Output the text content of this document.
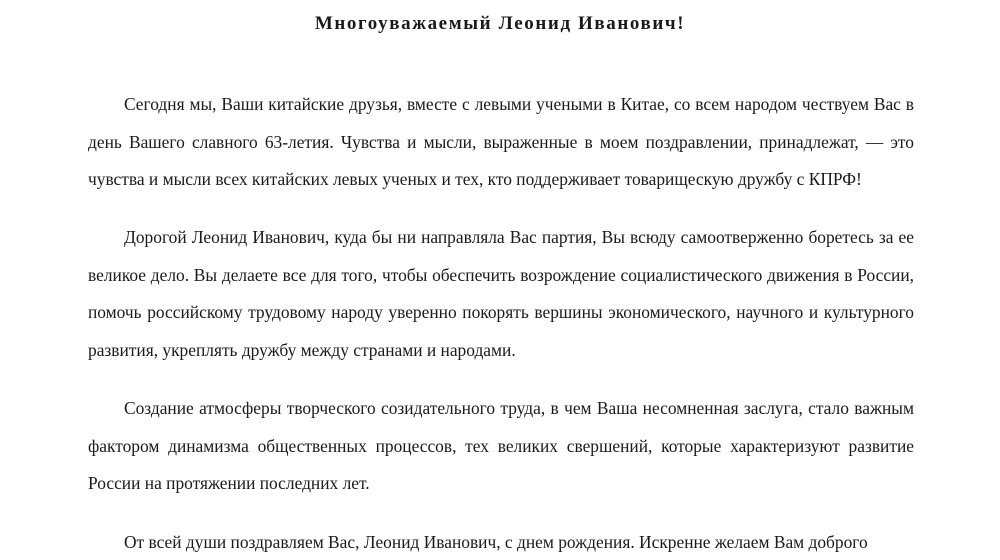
Многоуважаемый Леонид Иванович!

Сегодня мы, Ваши китайские друзья, вместе с левыми учеными в Китае, со всем народом чествуем Вас в день Вашего славного 63-летия. Чувства и мысли, выраженные в моем поздравлении, принадлежат, — это чувства и мысли всех китайских левых ученых и тех, кто поддерживает товарищескую дружбу с КПРФ!

Дорогой Леонид Иванович, куда бы ни направляла Вас партия, Вы всюду самоотверженно боретесь за ее великое дело. Вы делаете все для того, чтобы обеспечить возрождение социалистического движения в России, помочь российскому трудовому народу уверенно покорять вершины экономического, научного и культурного развития, укреплять дружбу между странами и народами.

Создание атмосферы творческого созидательного труда, в чем Ваша несомненная заслуга, стало важным фактором динамизма общественных процессов, тех великих свершений, которые характеризуют развитие России на протяжении последних лет.

От всей души поздравляем Вас, Леонид Иванович, с днем рождения. Искренне желаем Вам доброго
